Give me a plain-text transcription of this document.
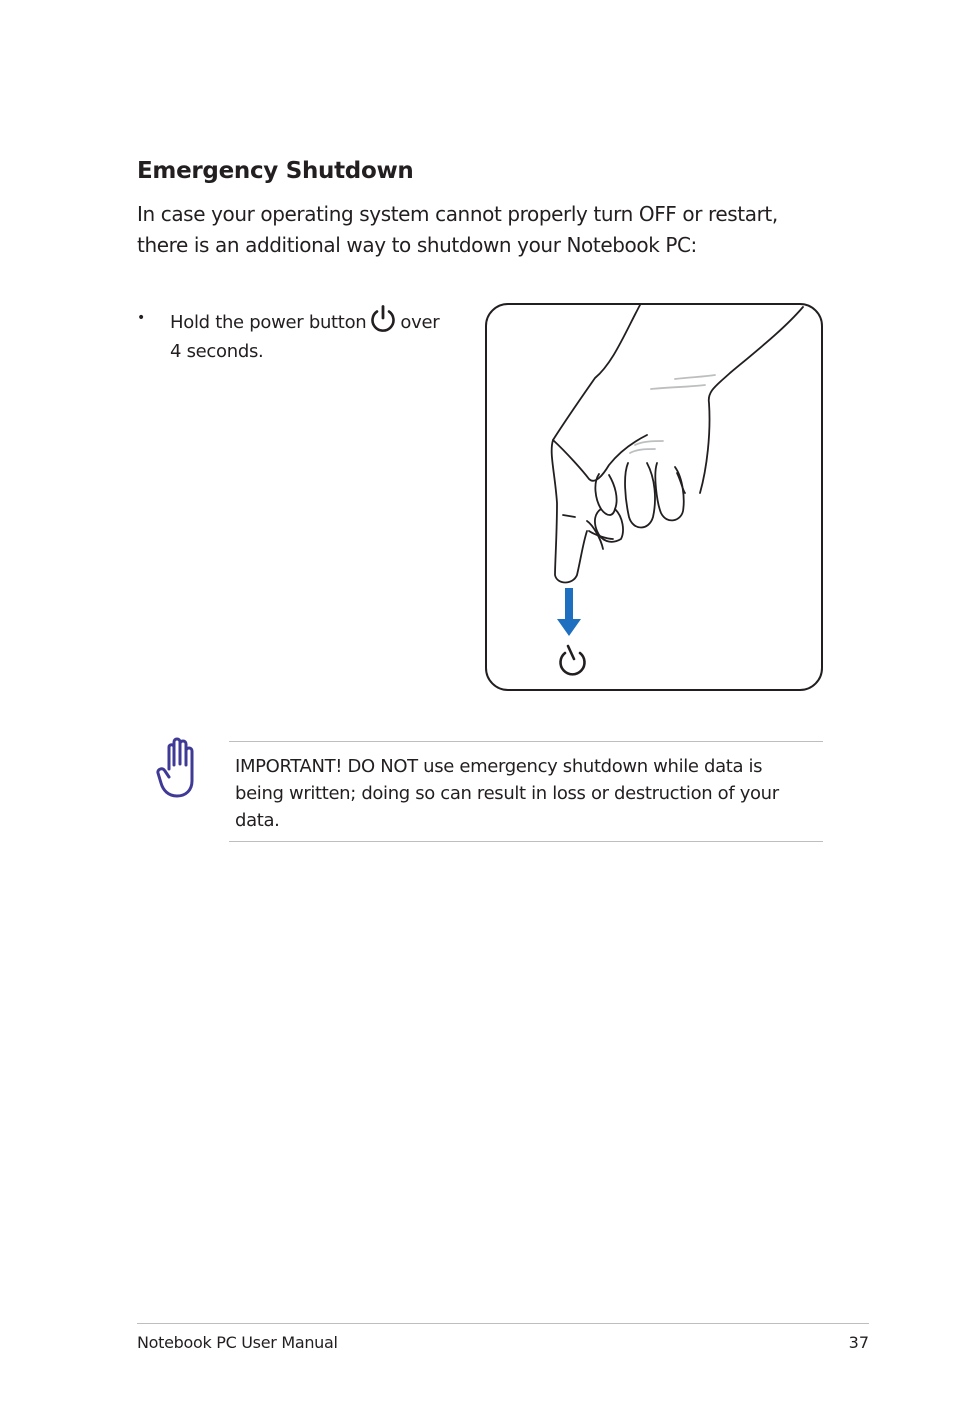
Emergency Shutdown

In case your operating system cannot properly turn OFF or restart,
there is an additional way to shutdown your Notebook PC:

• Hold the power button over
4 seconds.
IMPORTANT! DO NOT use emergency shutdown while data is
being written; doing so can result in loss or destruction of your
data.
Notebook PC User Manual	37
